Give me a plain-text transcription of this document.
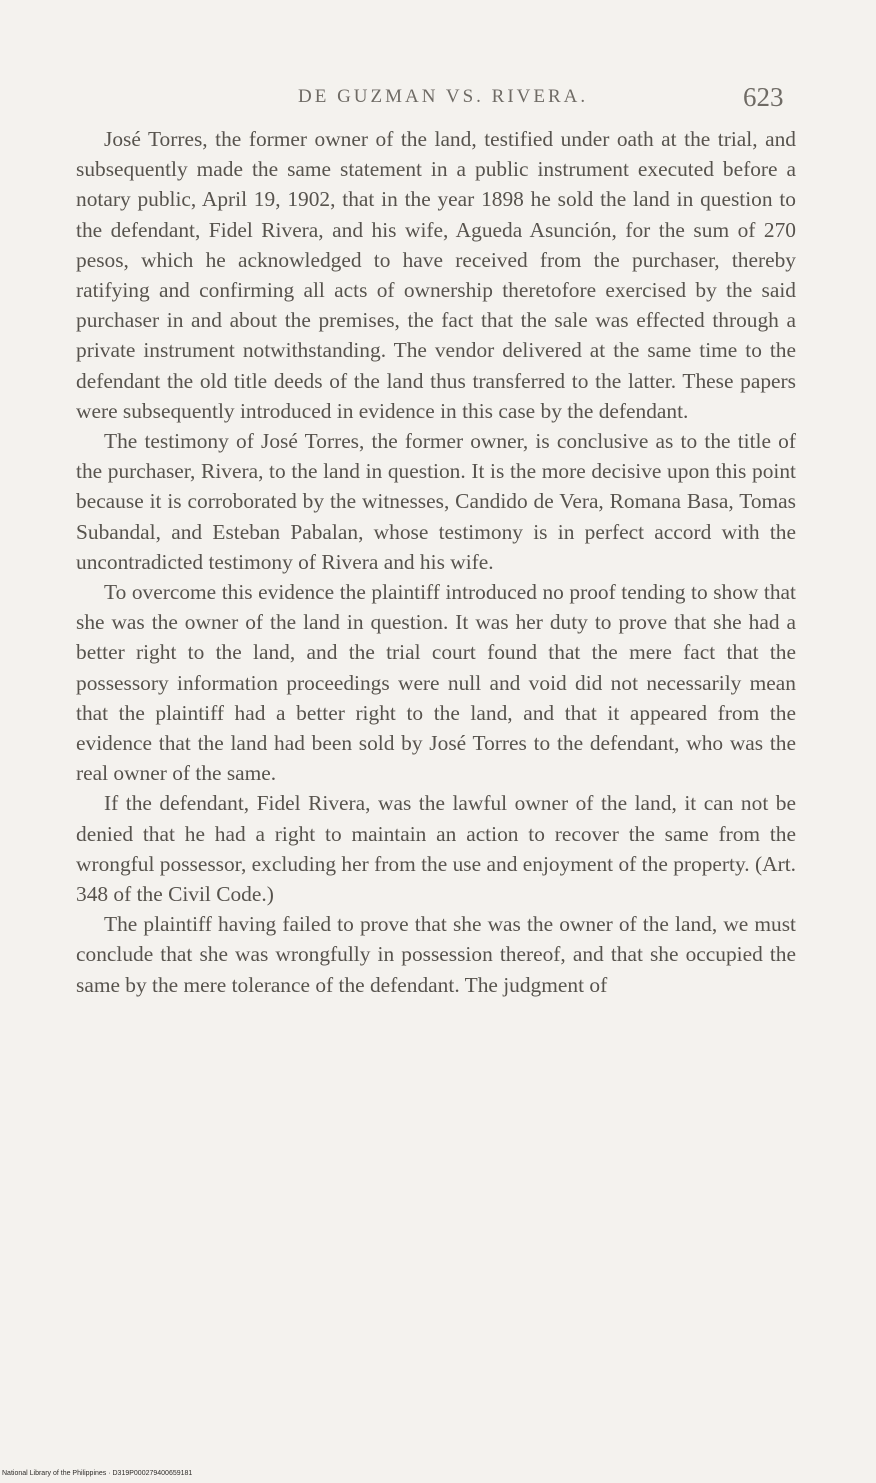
DE GUZMAN VS. RIVERA.	623

José Torres, the former owner of the land, testified under oath at the trial, and subsequently made the same statement in a public instrument executed before a notary public, April 19, 1902, that in the year 1898 he sold the land in question to the defendant, Fidel Rivera, and his wife, Agueda Asunción, for the sum of 270 pesos, which he acknowledged to have received from the purchaser, thereby ratifying and confirming all acts of ownership theretofore exercised by the said purchaser in and about the premises, the fact that the sale was effected through a private instrument notwithstanding. The vendor delivered at the same time to the defendant the old title deeds of the land thus transferred to the latter. These papers were subsequently introduced in evidence in this case by the defendant.

The testimony of José Torres, the former owner, is conclusive as to the title of the purchaser, Rivera, to the land in question. It is the more decisive upon this point because it is corroborated by the witnesses, Candido de Vera, Romana Basa, Tomas Subandal, and Esteban Pabalan, whose testimony is in perfect accord with the uncontradicted testimony of Rivera and his wife.

To overcome this evidence the plaintiff introduced no proof tending to show that she was the owner of the land in question. It was her duty to prove that she had a better right to the land, and the trial court found that the mere fact that the possessory information proceedings were null and void did not necessarily mean that the plaintiff had a better right to the land, and that it appeared from the evidence that the land had been sold by José Torres to the defendant, who was the real owner of the same.

If the defendant, Fidel Rivera, was the lawful owner of the land, it can not be denied that he had a right to maintain an action to recover the same from the wrongful possessor, excluding her from the use and enjoyment of the property. (Art. 348 of the Civil Code.)

The plaintiff having failed to prove that she was the owner of the land, we must conclude that she was wrongfully in possession thereof, and that she occupied the same by the mere tolerance of the defendant. The judgment of

National Library of the Philippines · D319P000279400659181
